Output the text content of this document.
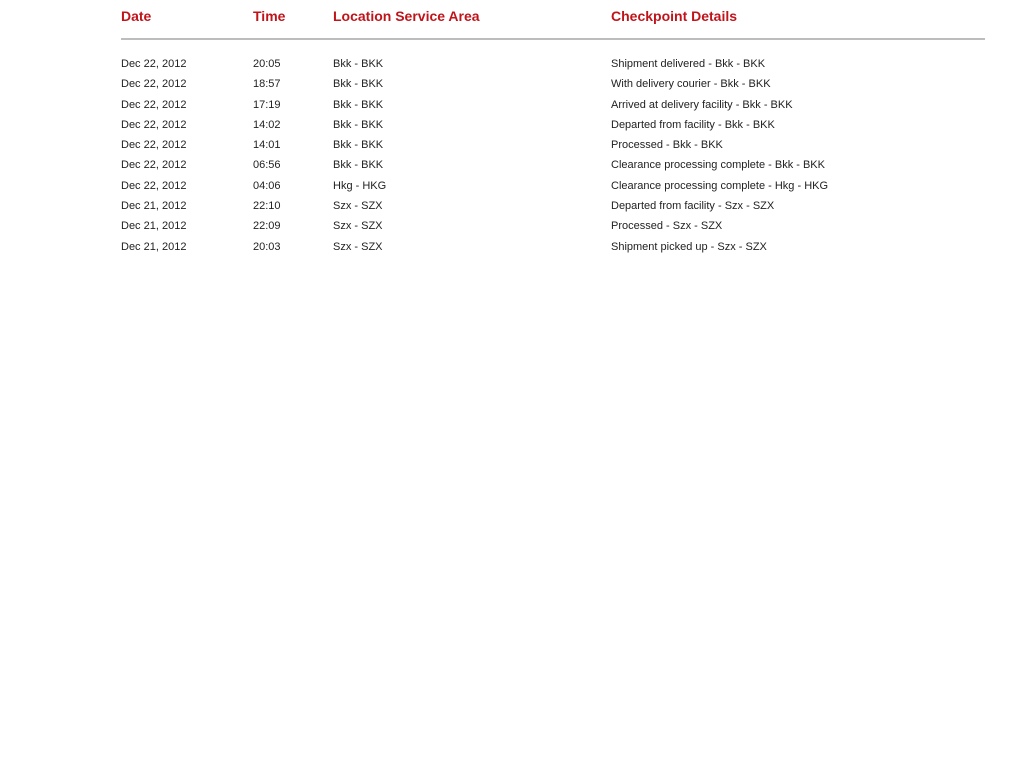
Date	Time	Location Service Area	Checkpoint Details
Dec 22, 2012	20:05	Bkk - BKK	Shipment delivered - Bkk - BKK
Dec 22, 2012	18:57	Bkk - BKK	With delivery courier - Bkk - BKK
Dec 22, 2012	17:19	Bkk - BKK	Arrived at delivery facility - Bkk - BKK
Dec 22, 2012	14:02	Bkk - BKK	Departed from facility - Bkk - BKK
Dec 22, 2012	14:01	Bkk - BKK	Processed - Bkk - BKK
Dec 22, 2012	06:56	Bkk - BKK	Clearance processing complete - Bkk - BKK
Dec 22, 2012	04:06	Hkg - HKG	Clearance processing complete - Hkg - HKG
Dec 21, 2012	22:10	Szx - SZX	Departed from facility - Szx - SZX
Dec 21, 2012	22:09	Szx - SZX	Processed - Szx - SZX
Dec 21, 2012	20:03	Szx - SZX	Shipment picked up - Szx - SZX
